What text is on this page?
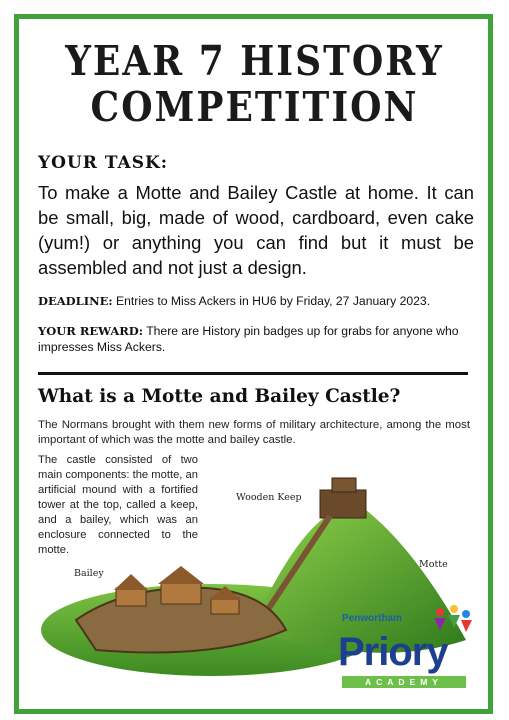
YEAR 7 HISTORY
COMPETITION
YOUR TASK:
To make a Motte and Bailey Castle at home. It can be small, big, made of wood, cardboard, even cake (yum!) or anything you can find but it must be assembled and not just a design.
DEADLINE: Entries to Miss Ackers in HU6 by Friday, 27 January 2023.
YOUR REWARD: There are History pin badges up for grabs for anyone who impresses Miss Ackers.
What is a Motte and Bailey Castle?
The Normans brought with them new forms of military architecture, among the most important of which was the motte and bailey castle.
The castle consisted of two main components: the motte, an artificial mound with a fortified tower at the top, called a keep, and a bailey, which was an enclosure connected to the motte.
Wooden Keep
Motte
Bailey
Penwortham
Priory
ACADEMY
